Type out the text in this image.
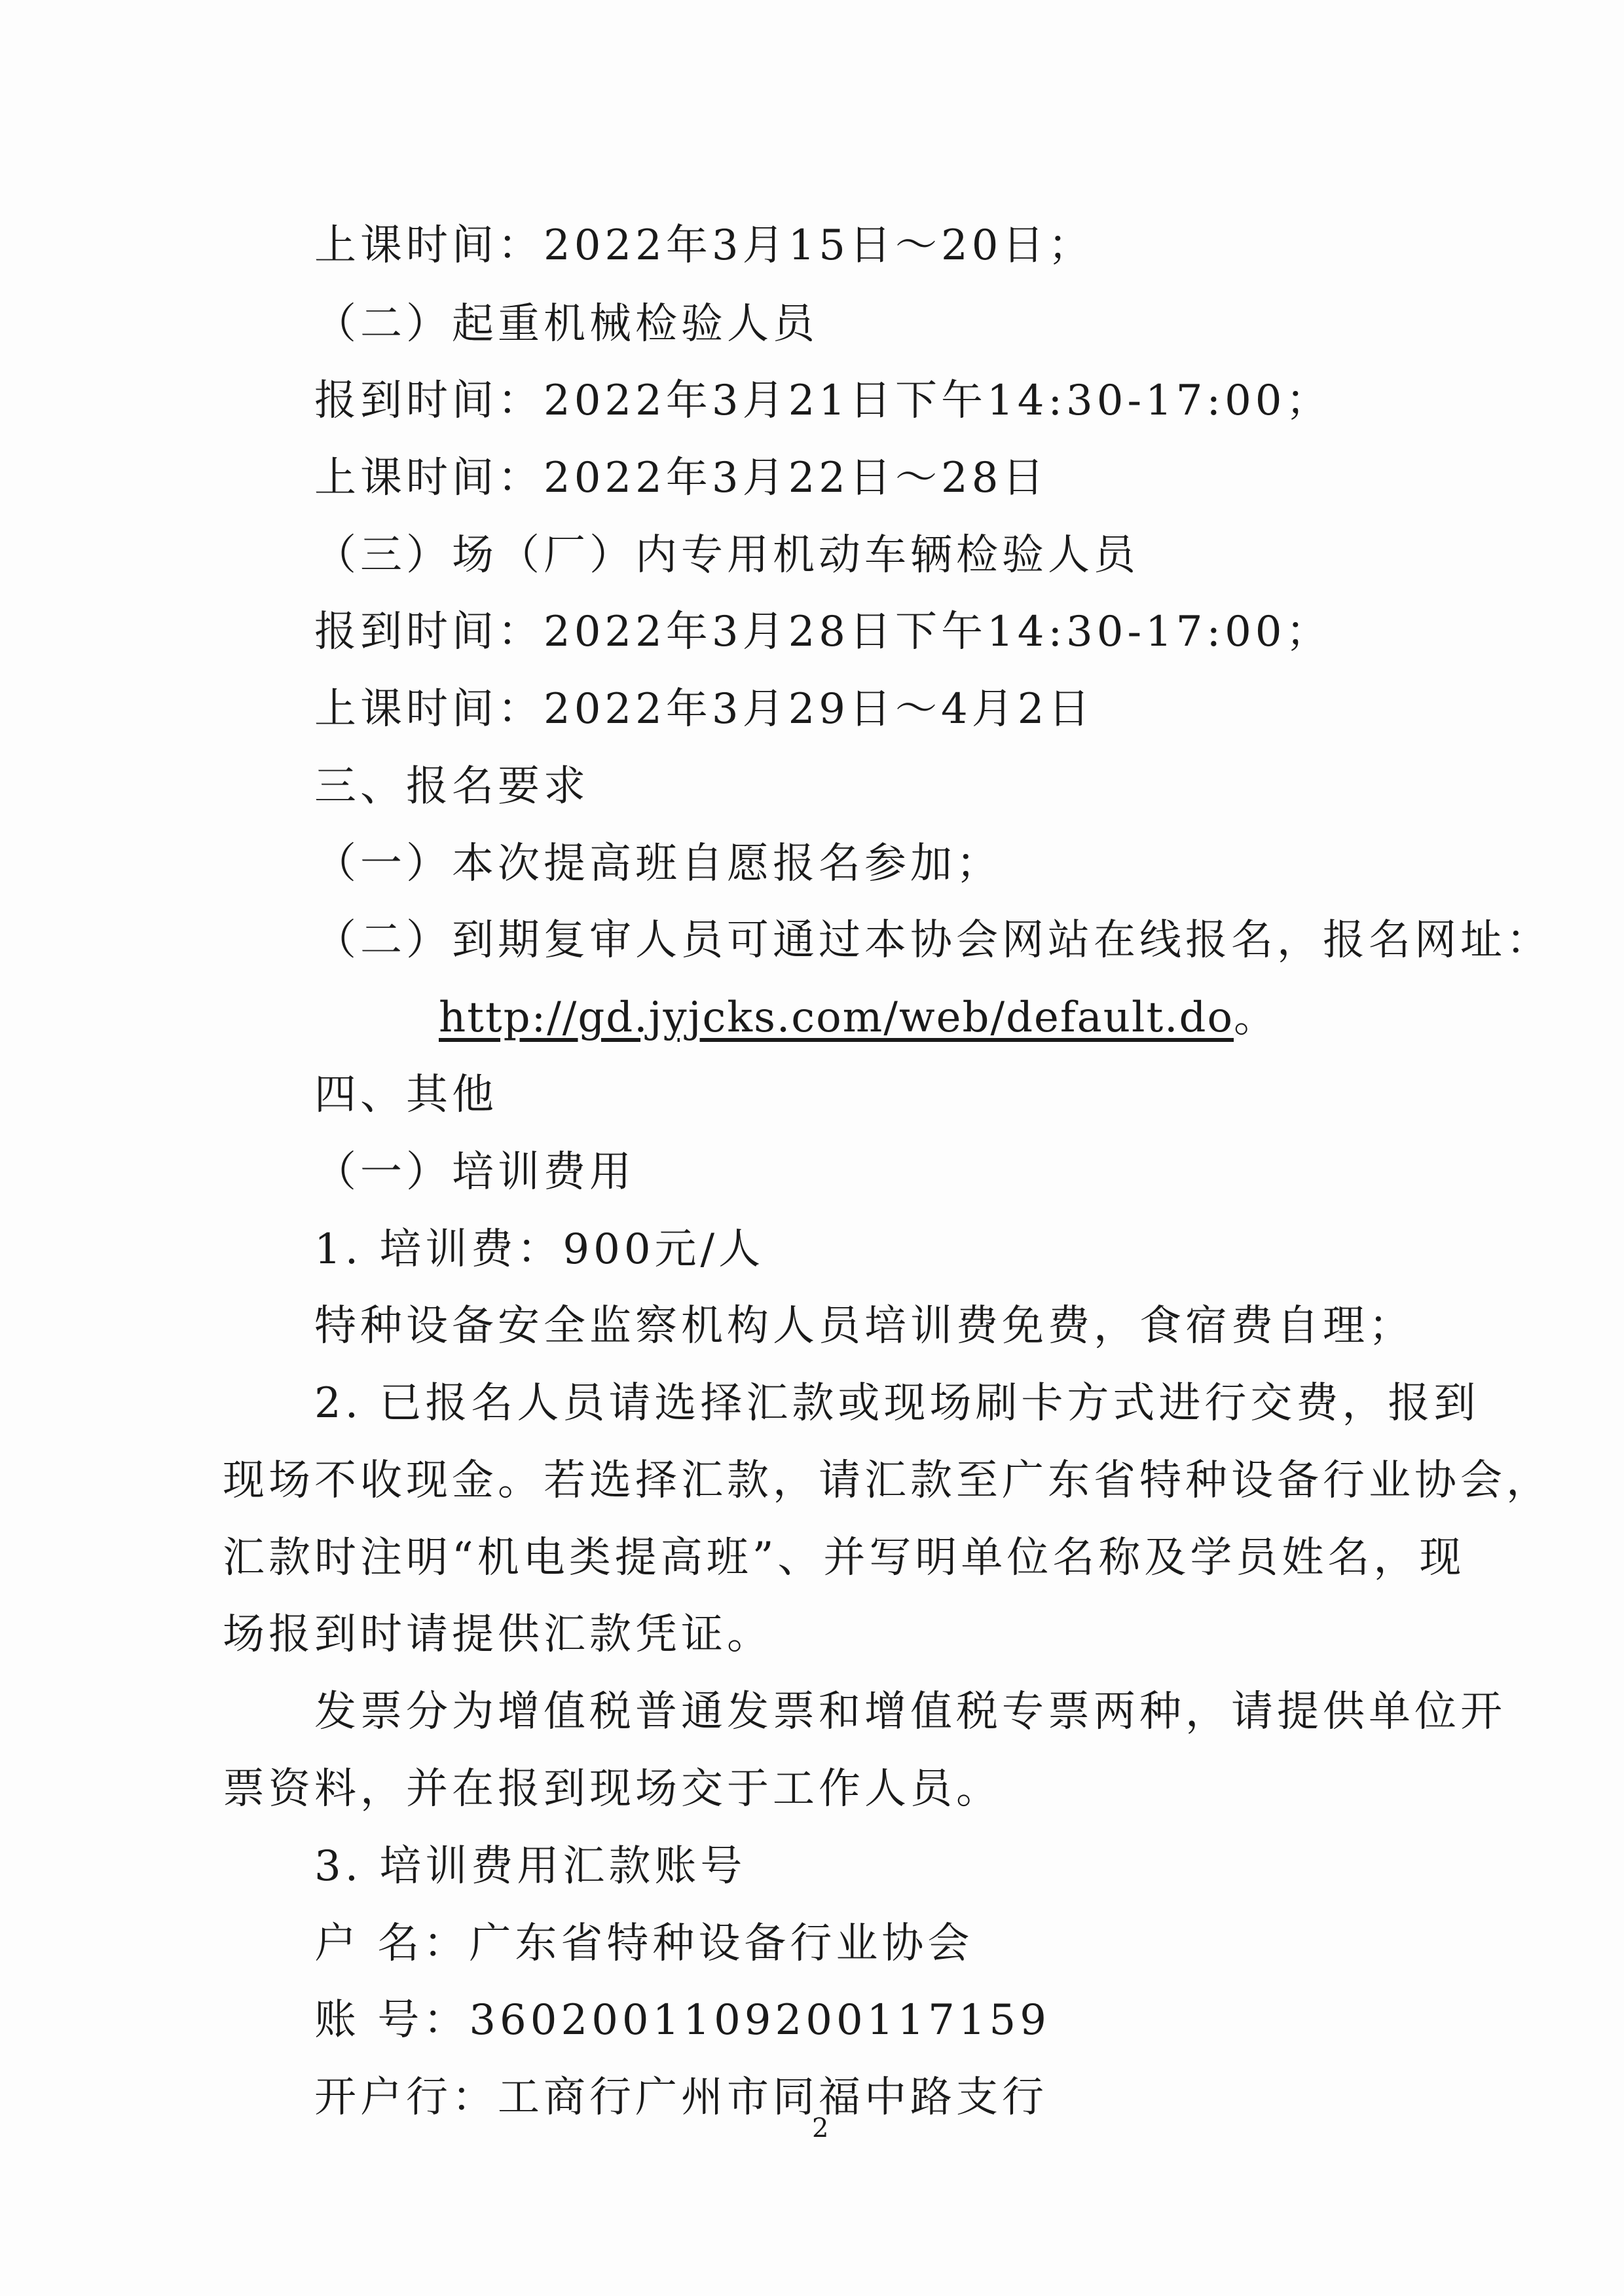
上课时间：2022年3月15日～20日；
（二）起重机械检验人员
报到时间：2022年3月21日下午14:30-17:00；
上课时间：2022年3月22日～28日
（三）场（厂）内专用机动车辆检验人员
报到时间：2022年3月28日下午14:30-17:00；
上课时间：2022年3月29日～4月2日
三、报名要求
（一）本次提高班自愿报名参加；
（二）到期复审人员可通过本协会网站在线报名，报名网址：
http://gd.jyjcks.com/web/default.do。
四、其他
（一）培训费用
1. 培训费：900元/人
特种设备安全监察机构人员培训费免费，食宿费自理；
2. 已报名人员请选择汇款或现场刷卡方式进行交费，报到
现场不收现金。若选择汇款，请汇款至广东省特种设备行业协会，
汇款时注明“机电类提高班”、并写明单位名称及学员姓名，现
场报到时请提供汇款凭证。
发票分为增值税普通发票和增值税专票两种，请提供单位开
票资料，并在报到现场交于工作人员。
3. 培训费用汇款账号
户 名：广东省特种设备行业协会
账 号：3602001109200117159
开户行：工商行广州市同福中路支行
2
